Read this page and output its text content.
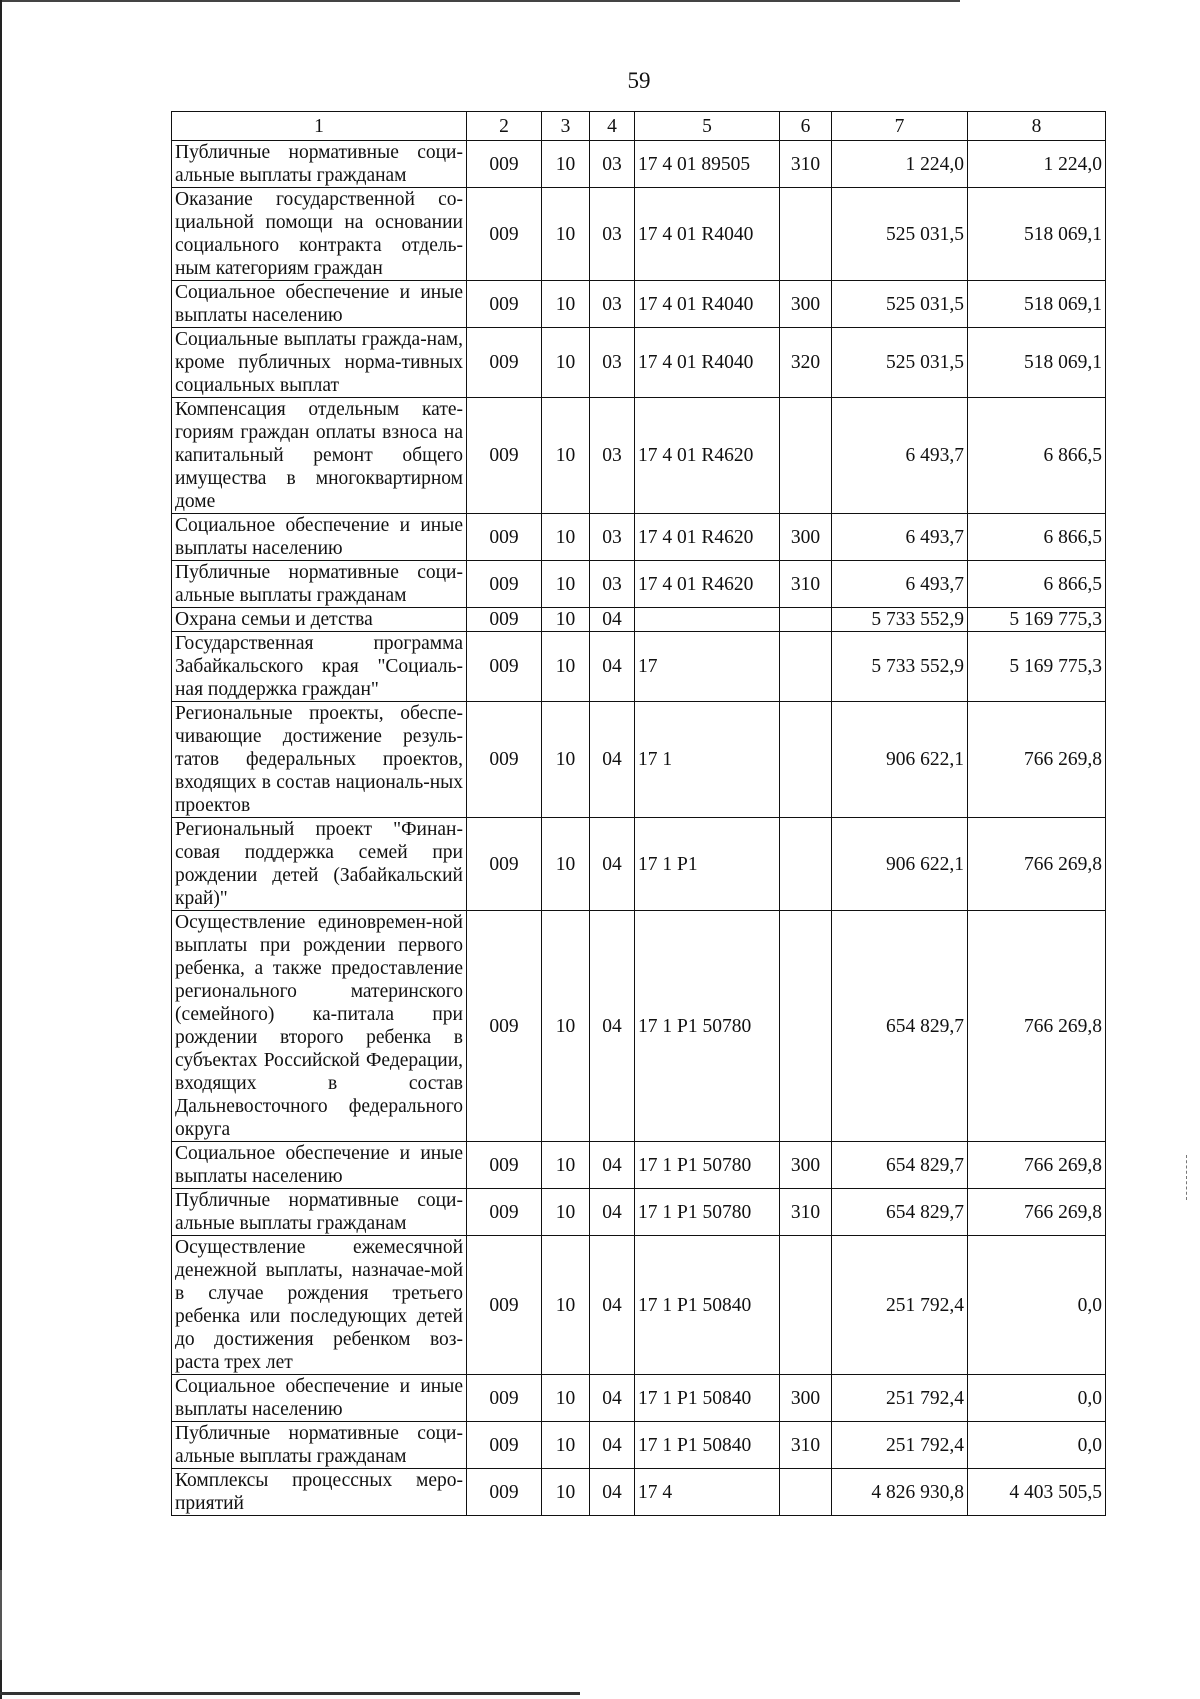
59
1	2	3	4	5	6	7	8
Публичные нормативные соци-альные выплаты гражданам	009	10	03	17 4 01 89505	310	1 224,0	1 224,0
Оказание государственной со-циальной помощи на основании социального контракта отдель-ным категориям граждан	009	10	03	17 4 01 R4040		525 031,5	518 069,1
Социальное обеспечение и иные выплаты населению	009	10	03	17 4 01 R4040	300	525 031,5	518 069,1
Социальные выплаты гражда-нам, кроме публичных норма-тивных социальных выплат	009	10	03	17 4 01 R4040	320	525 031,5	518 069,1
Компенсация отдельным кате-гориям граждан оплаты взноса на капитальный ремонт общего имущества в многоквартирном доме	009	10	03	17 4 01 R4620		6 493,7	6 866,5
Социальное обеспечение и иные выплаты населению	009	10	03	17 4 01 R4620	300	6 493,7	6 866,5
Публичные нормативные соци-альные выплаты гражданам	009	10	03	17 4 01 R4620	310	6 493,7	6 866,5
Охрана семьи и детства	009	10	04			5 733 552,9	5 169 775,3
Государственная программа Забайкальского края "Социаль-ная поддержка граждан"	009	10	04	17		5 733 552,9	5 169 775,3
Региональные проекты, обеспе-чивающие достижение резуль-татов федеральных проектов, входящих в состав националь-ных проектов	009	10	04	17 1		906 622,1	766 269,8
Региональный проект "Финан-совая поддержка семей при рождении детей (Забайкальский край)"	009	10	04	17 1 P1		906 622,1	766 269,8
Осуществление единовремен-ной выплаты при рождении первого ребенка, а также предоставление регионального материнского (семейного) ка-питала при рождении второго ребенка в субъектах Российской Федерации, входящих в состав Дальневосточного федерального округа	009	10	04	17 1 P1 50780		654 829,7	766 269,8
Социальное обеспечение и иные выплаты населению	009	10	04	17 1 P1 50780	300	654 829,7	766 269,8
Публичные нормативные соци-альные выплаты гражданам	009	10	04	17 1 P1 50780	310	654 829,7	766 269,8
Осуществление ежемесячной денежной выплаты, назначае-мой в случае рождения третьего ребенка или последующих детей до достижения ребенком воз-раста трех лет	009	10	04	17 1 P1 50840		251 792,4	0,0
Социальное обеспечение и иные выплаты населению	009	10	04	17 1 P1 50840	300	251 792,4	0,0
Публичные нормативные соци-альные выплаты гражданам	009	10	04	17 1 P1 50840	310	251 792,4	0,0
Комплексы процессных меро-приятий	009	10	04	17 4		4 826 930,8	4 403 505,5
